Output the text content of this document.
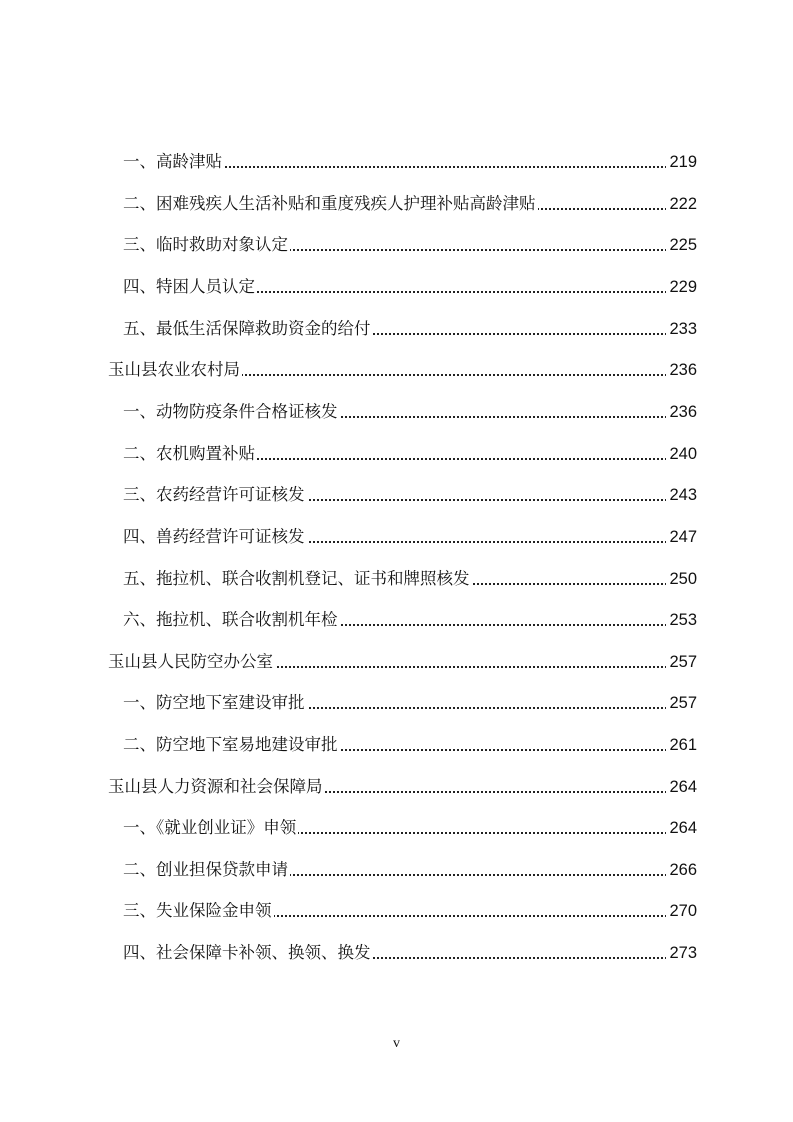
一、高龄津贴	219
二、困难残疾人生活补贴和重度残疾人护理补贴高龄津贴	222
三、临时救助对象认定	225
四、特困人员认定	229
五、最低生活保障救助资金的给付	233
玉山县农业农村局	236
一、动物防疫条件合格证核发	236
二、农机购置补贴	240
三、农药经营许可证核发	243
四、兽药经营许可证核发	247
五、拖拉机、联合收割机登记、证书和牌照核发	250
六、拖拉机、联合收割机年检	253
玉山县人民防空办公室	257
一、防空地下室建设审批	257
二、防空地下室易地建设审批	261
玉山县人力资源和社会保障局	264
一、《就业创业证》申领	264
二、创业担保贷款申请	266
三、失业保险金申领	270
四、社会保障卡补领、换领、换发	273
v
